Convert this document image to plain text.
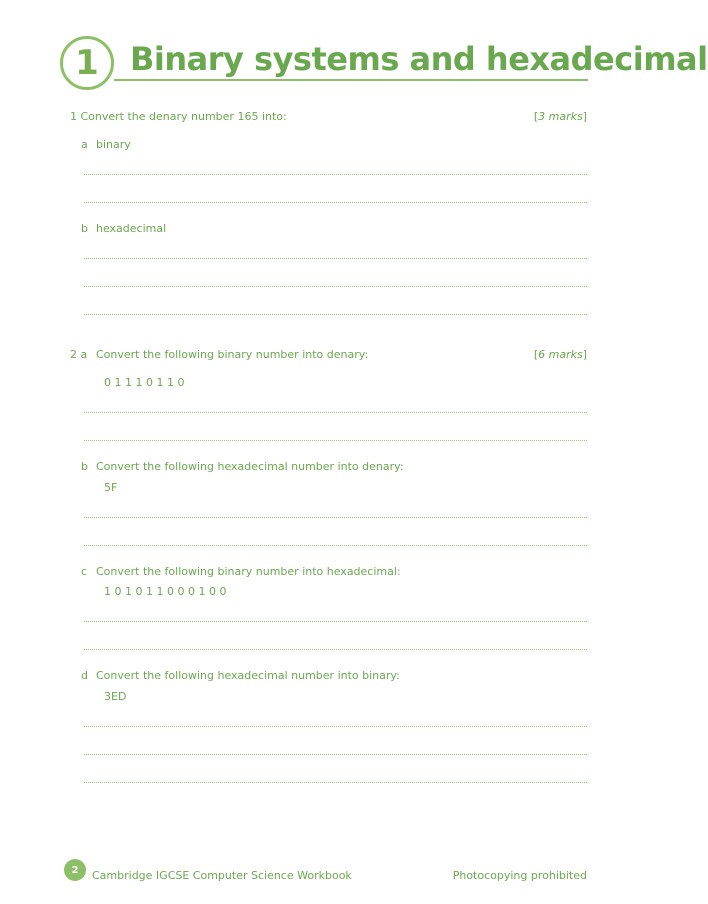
1 Binary systems and hexadecimal
1 Convert the denary number 165 into:	[3 marks]
a binary
b hexadecimal
2 a Convert the following binary number into denary:	[6 marks]
0 1 1 1 0 1 1 0
b Convert the following hexadecimal number into denary:
5F
c Convert the following binary number into hexadecimal:
1 0 1 0 1 1 0 0 0 1 0 0
d Convert the following hexadecimal number into binary:
3ED
2 Cambridge IGCSE Computer Science Workbook	Photocopying prohibited
